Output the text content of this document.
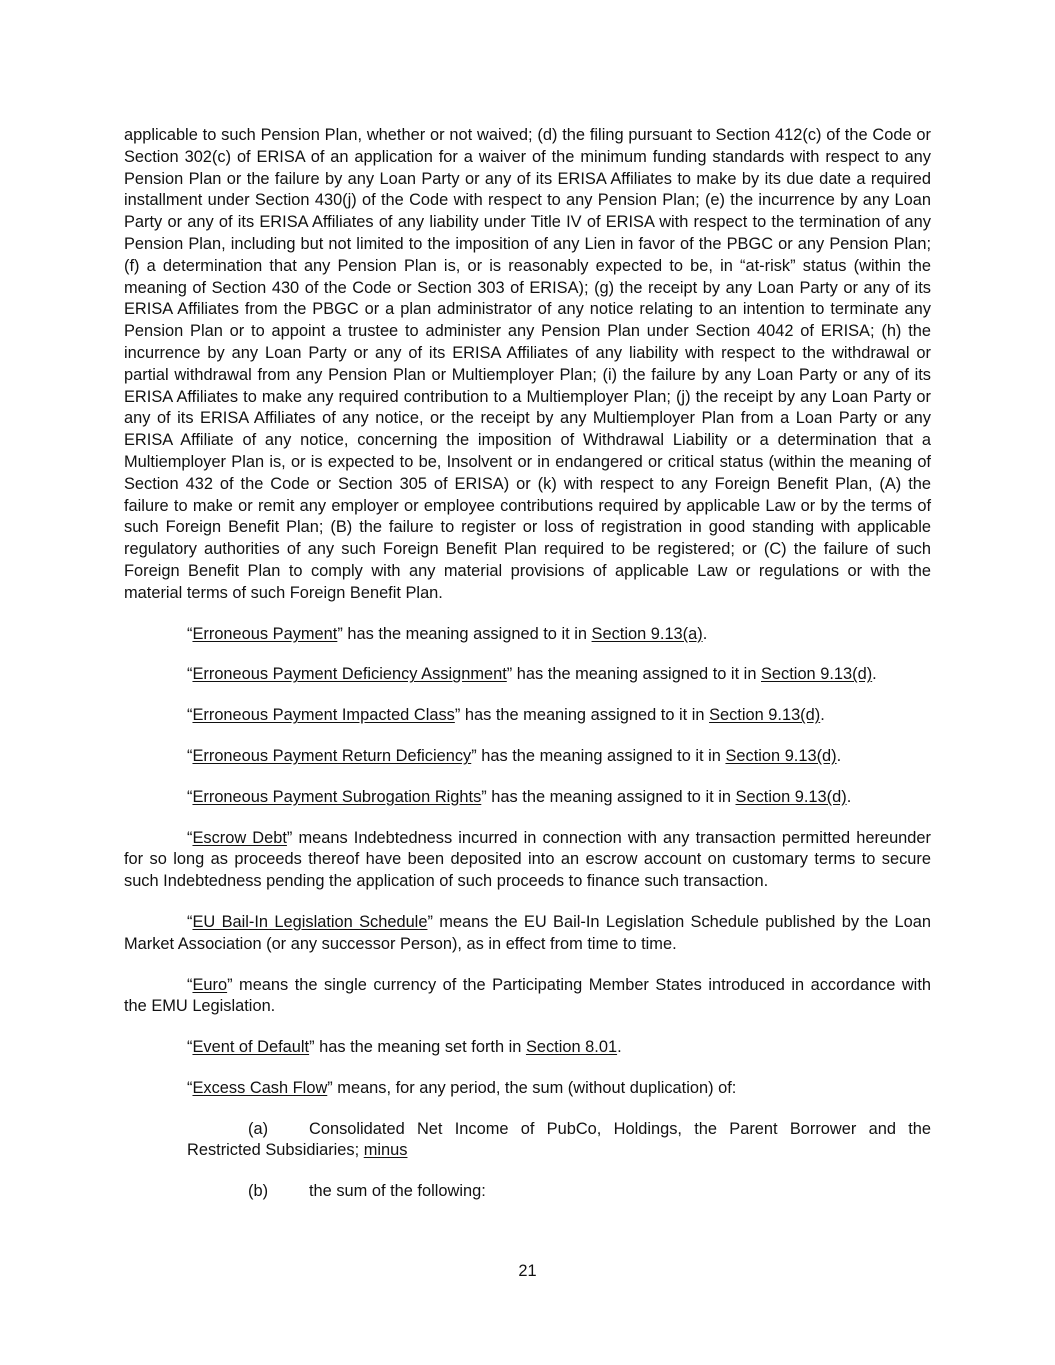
applicable to such Pension Plan, whether or not waived; (d) the filing pursuant to Section 412(c) of the Code or Section 302(c) of ERISA of an application for a waiver of the minimum funding standards with respect to any Pension Plan or the failure by any Loan Party or any of its ERISA Affiliates to make by its due date a required installment under Section 430(j) of the Code with respect to any Pension Plan; (e) the incurrence by any Loan Party or any of its ERISA Affiliates of any liability under Title IV of ERISA with respect to the termination of any Pension Plan, including but not limited to the imposition of any Lien in favor of the PBGC or any Pension Plan; (f) a determination that any Pension Plan is, or is reasonably expected to be, in “at-risk” status (within the meaning of Section 430 of the Code or Section 303 of ERISA); (g) the receipt by any Loan Party or any of its ERISA Affiliates from the PBGC or a plan administrator of any notice relating to an intention to terminate any Pension Plan or to appoint a trustee to administer any Pension Plan under Section 4042 of ERISA; (h) the incurrence by any Loan Party or any of its ERISA Affiliates of any liability with respect to the withdrawal or partial withdrawal from any Pension Plan or Multiemployer Plan; (i) the failure by any Loan Party or any of its ERISA Affiliates to make any required contribution to a Multiemployer Plan; (j) the receipt by any Loan Party or any of its ERISA Affiliates of any notice, or the receipt by any Multiemployer Plan from a Loan Party or any ERISA Affiliate of any notice, concerning the imposition of Withdrawal Liability or a determination that a Multiemployer Plan is, or is expected to be, Insolvent or in endangered or critical status (within the meaning of Section 432 of the Code or Section 305 of ERISA) or (k) with respect to any Foreign Benefit Plan, (A) the failure to make or remit any employer or employee contributions required by applicable Law or by the terms of such Foreign Benefit Plan; (B) the failure to register or loss of registration in good standing with applicable regulatory authorities of any such Foreign Benefit Plan required to be registered; or (C) the failure of such Foreign Benefit Plan to comply with any material provisions of applicable Law or regulations or with the material terms of such Foreign Benefit Plan.

“Erroneous Payment” has the meaning assigned to it in Section 9.13(a).

“Erroneous Payment Deficiency Assignment” has the meaning assigned to it in Section 9.13(d).

“Erroneous Payment Impacted Class” has the meaning assigned to it in Section 9.13(d).

“Erroneous Payment Return Deficiency” has the meaning assigned to it in Section 9.13(d).

“Erroneous Payment Subrogation Rights” has the meaning assigned to it in Section 9.13(d).

“Escrow Debt” means Indebtedness incurred in connection with any transaction permitted hereunder for so long as proceeds thereof have been deposited into an escrow account on customary terms to secure such Indebtedness pending the application of such proceeds to finance such transaction.

“EU Bail-In Legislation Schedule” means the EU Bail-In Legislation Schedule published by the Loan Market Association (or any successor Person), as in effect from time to time.

“Euro” means the single currency of the Participating Member States introduced in accordance with the EMU Legislation.

“Event of Default” has the meaning set forth in Section 8.01.

“Excess Cash Flow” means, for any period, the sum (without duplication) of:

(a) Consolidated Net Income of PubCo, Holdings, the Parent Borrower and the Restricted Subsidiaries; minus

(b) the sum of the following:

21
